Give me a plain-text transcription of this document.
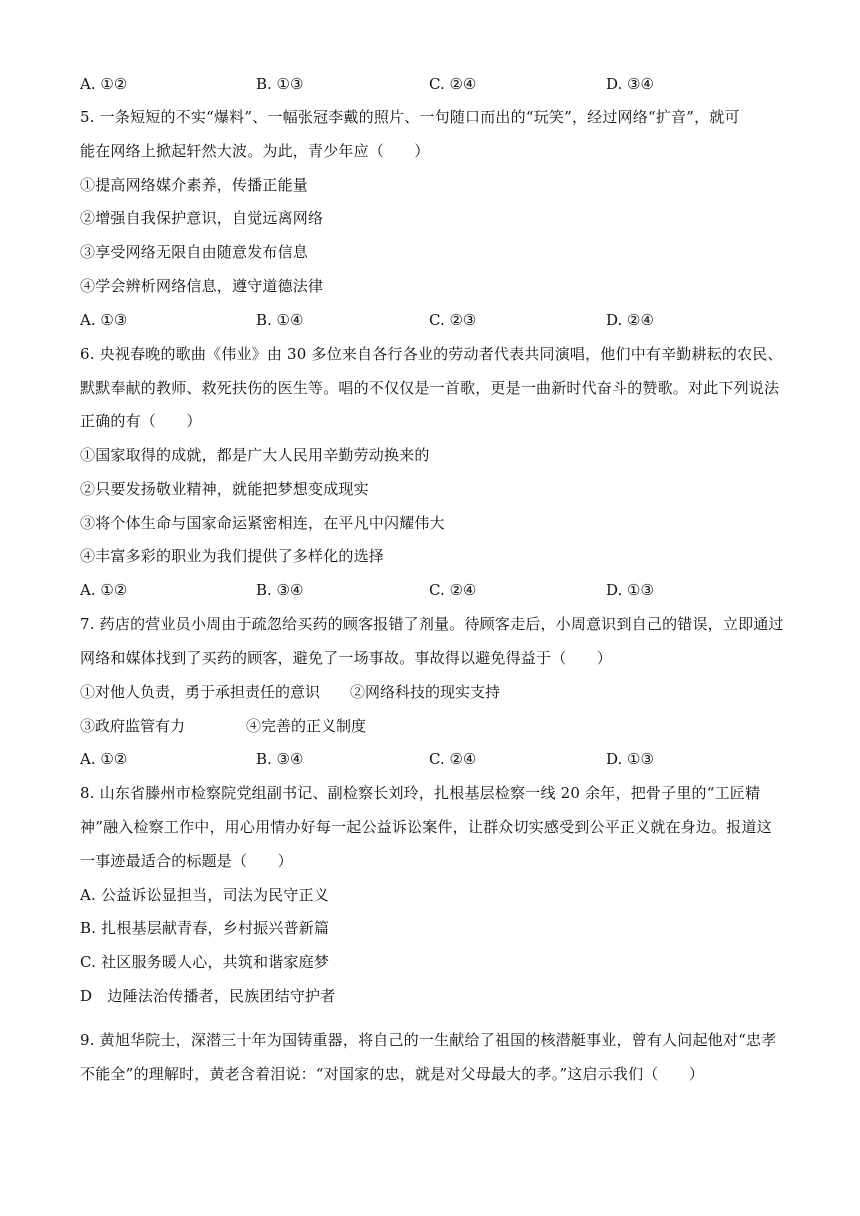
A. ①②	B. ①③	C. ②④	D. ③④
5. 一条短短的不实“爆料”、一幅张冠李戴的照片、一句随口而出的“玩笑”，经过网络“扩音”，就可
能在网络上掀起轩然大波。为此，青少年应（　　）
①提高网络媒介素养，传播正能量
②增强自我保护意识，自觉远离网络
③享受网络无限自由随意发布信息
④学会辨析网络信息，遵守道德法律
A. ①③	B. ①④	C. ②③	D. ②④
6. 央视春晚的歌曲《伟业》由 30 多位来自各行各业的劳动者代表共同演唱，他们中有辛勤耕耘的农民、
默默奉献的教师、救死扶伤的医生等。唱的不仅仅是一首歌，更是一曲新时代奋斗的赞歌。对此下列说法
正确的有（　　）
①国家取得的成就，都是广大人民用辛勤劳动换来的
②只要发扬敬业精神，就能把梦想变成现实
③将个体生命与国家命运紧密相连，在平凡中闪耀伟大
④丰富多彩的职业为我们提供了多样化的选择
A. ①②	B. ③④	C. ②④	D. ①③
7. 药店的营业员小周由于疏忽给买药的顾客报错了剂量。待顾客走后，小周意识到自己的错误，立即通过
网络和媒体找到了买药的顾客，避免了一场事故。事故得以避免得益于（　　）
①对他人负责，勇于承担责任的意识 ②网络科技的现实支持
③政府监管有力	④完善的正义制度
A. ①②	B. ③④	C. ②④	D. ①③
8. 山东省滕州市检察院党组副书记、副检察长刘玲，扎根基层检察一线 20 余年，把骨子里的“工匠精
神”融入检察工作中，用心用情办好每一起公益诉讼案件，让群众切实感受到公平正义就在身边。报道这
一事迹最适合的标题是（　　）
A. 公益诉讼显担当，司法为民守正义
B. 扎根基层献青春，乡村振兴普新篇
C. 社区服务暖人心，共筑和谐家庭梦
D　边陲法治传播者，民族团结守护者
9. 黄旭华院士，深潜三十年为国铸重器，将自己的一生献给了祖国的核潜艇事业，曾有人问起他对“忠孝
不能全”的理解时，黄老含着泪说：“对国家的忠，就是对父母最大的孝。”这启示我们（　　）
